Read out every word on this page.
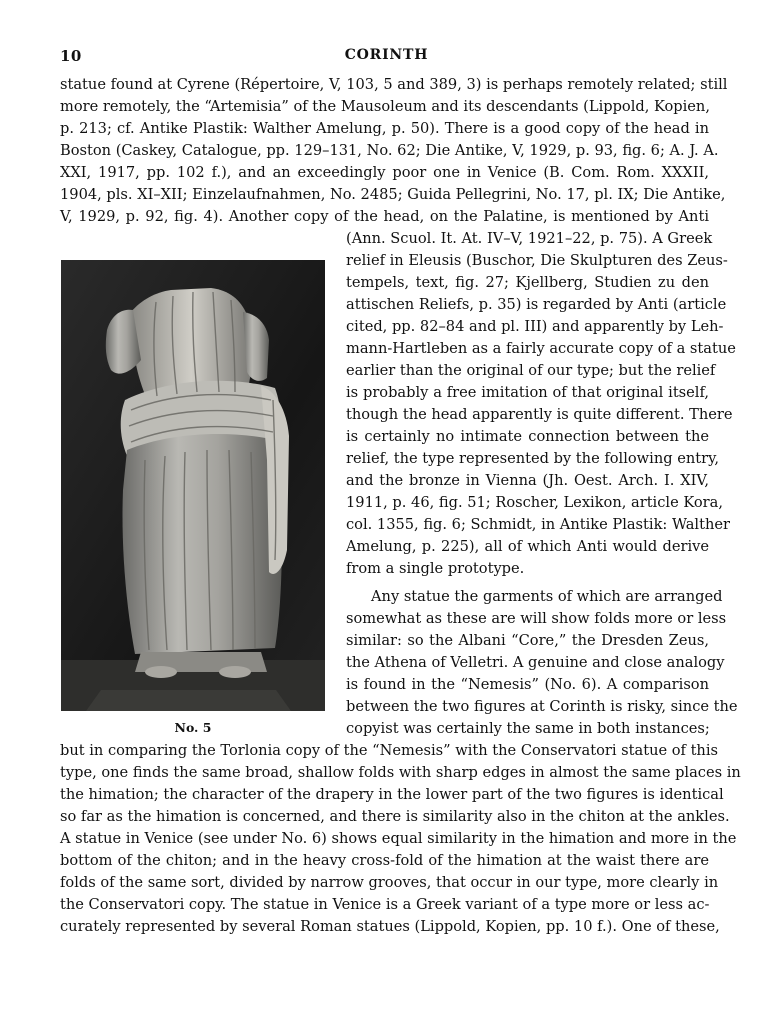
10	CORINTH
statue found at Cyrene (Répertoire, V, 103, 5 and 389, 3) is perhaps remotely related; still
more remotely, the “Artemisia” of the Mausoleum and its descendants (Lippold, Kopien,
p. 213; cf. Antike Plastik: Walther Amelung, p. 50). There is a good copy of the head in
Boston (Caskey, Catalogue, pp. 129–131, No. 62; Die Antike, V, 1929, p. 93, fig. 6; A. J. A.
XXI, 1917, pp. 102 f.), and an exceedingly poor one in Venice (B. Com. Rom. XXXII,
1904, pls. XI–XII; Einzelaufnahmen, No. 2485; Guida Pellegrini, No. 17, pl. IX; Die Antike,
V, 1929, p. 92, fig. 4). Another copy of the head, on the Palatine, is mentioned by Anti
(Ann. Scuol. It. At. IV–V, 1921–22, p. 75). A Greek
relief in Eleusis (Buschor, Die Skulpturen des Zeus-
tempels, text, fig. 27; Kjellberg, Studien zu den
attischen Reliefs, p. 35) is regarded by Anti (article
cited, pp. 82–84 and pl. III) and apparently by Leh-
mann-Hartleben as a fairly accurate copy of a statue
earlier than the original of our type; but the relief
is probably a free imitation of that original itself,
though the head apparently is quite different. There
is certainly no intimate connection between the
relief, the type represented by the following entry,
and the bronze in Vienna (Jh. Oest. Arch. I. XIV,
1911, p. 46, fig. 51; Roscher, Lexikon, article Kora,
col. 1355, fig. 6; Schmidt, in Antike Plastik: Walther
Amelung, p. 225), all of which Anti would derive
from a single prototype.
Any statue the garments of which are arranged
somewhat as these are will show folds more or less
similar: so the Albani “Core,” the Dresden Zeus,
the Athena of Velletri. A genuine and close analogy
is found in the “Nemesis” (No. 6). A comparison
between the two figures at Corinth is risky, since the
copyist was certainly the same in both instances;
but in comparing the Torlonia copy of the “Nemesis” with the Conservatori statue of this
type, one finds the same broad, shallow folds with sharp edges in almost the same places in
the himation; the character of the drapery in the lower part of the two figures is identical
so far as the himation is concerned, and there is similarity also in the chiton at the ankles.
A statue in Venice (see under No. 6) shows equal similarity in the himation and more in the
bottom of the chiton; and in the heavy cross-fold of the himation at the waist there are
folds of the same sort, divided by narrow grooves, that occur in our type, more clearly in
the Conservatori copy. The statue in Venice is a Greek variant of a type more or less ac-
curately represented by several Roman statues (Lippold, Kopien, pp. 10 f.). One of these,
No. 5
